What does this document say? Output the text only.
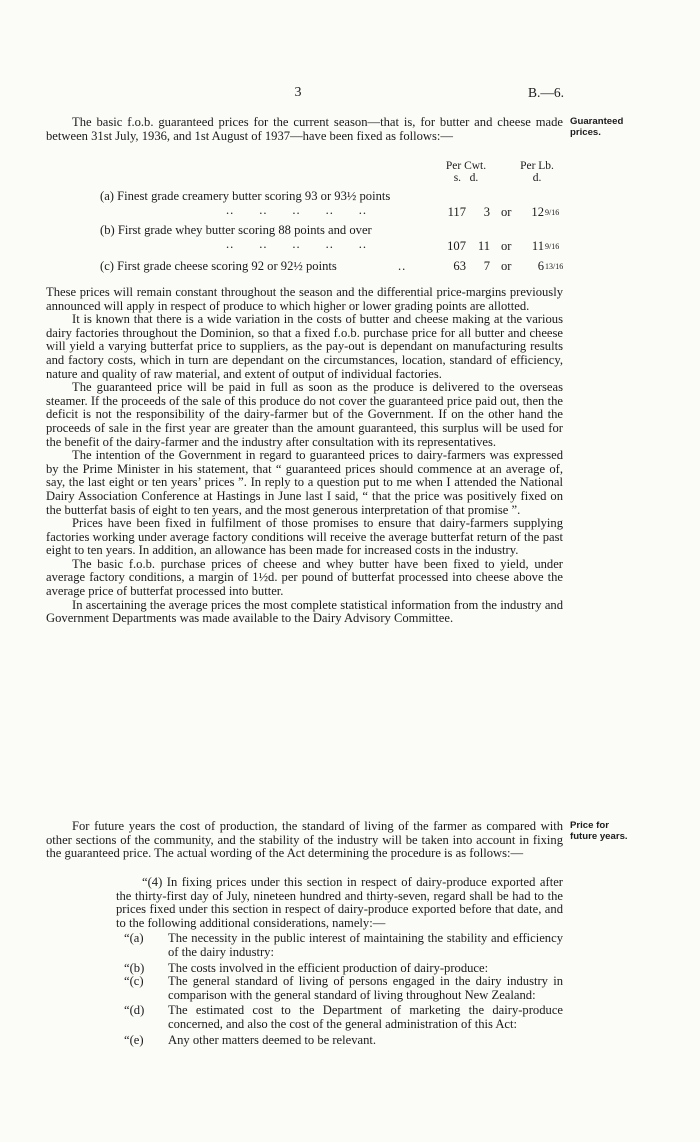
3	B.—6.
Guaranteed
prices.

The basic f.o.b. guaranteed prices for the current season—that is, for butter and cheese made between 31st July, 1936, and 1st August of 1937—have been fixed as follows:—

Per Cwt.
s.   d.
Per Lb.
d.
(a) Finest grade creamery butter scoring 93 or 93½ points
..      ..      ..      ..      ..	117	3 or	12 $^{9/16}$
(b) First grade whey butter scoring 88 points and over
..      ..      ..      ..      ..	107 11 or	11 $^{9/16}$
(c) First grade cheese scoring 92 or 92½ points	..	63	7 or	6 $^{13/16}$

These prices will remain constant throughout the season and the differential price-margins previously announced will apply in respect of produce to which higher or lower grading points are allotted.

It is known that there is a wide variation in the costs of butter and cheese making at the various dairy factories throughout the Dominion, so that a fixed f.o.b. purchase price for all butter and cheese will yield a varying butterfat price to suppliers, as the pay-out is dependant on manufacturing results and factory costs, which in turn are dependant on the circumstances, location, standard of efficiency, nature and quality of raw material, and extent of output of individual factories.

The guaranteed price will be paid in full as soon as the produce is delivered to the overseas steamer. If the proceeds of the sale of this produce do not cover the guaranteed price paid out, then the deficit is not the responsibility of the dairy-farmer but of the Government. If on the other hand the proceeds of sale in the first year are greater than the amount guaranteed, this surplus will be used for the benefit of the dairy-farmer and the industry after consultation with its representatives.

The intention of the Government in regard to guaranteed prices to dairy-farmers was expressed by the Prime Minister in his statement, that “ guaranteed prices should commence at an average of, say, the last eight or ten years’ prices ”. In reply to a question put to me when I attended the National Dairy Association Conference at Hastings in June last I said, “ that the price was positively fixed on the butterfat basis of eight to ten years, and the most generous interpretation of that promise ”.

Prices have been fixed in fulfilment of those promises to ensure that dairy-farmers supplying factories working under average factory conditions will receive the average butterfat return of the past eight to ten years. In addition, an allowance has been made for increased costs in the industry.

The basic f.o.b. purchase prices of cheese and whey butter have been fixed to yield, under average factory conditions, a margin of 1½d. per pound of butterfat processed into cheese above the average price of butterfat processed into butter.

In ascertaining the average prices the most complete statistical information from the industry and Government Departments was made available to the Dairy Advisory Committee.

Price for
future years.

For future years the cost of production, the standard of living of the farmer as compared with other sections of the community, and the stability of the industry will be taken into account in fixing the guaranteed price. The actual wording of the Act determining the procedure is as follows:—

“(4) In fixing prices under this section in respect of dairy-produce exported after the thirty-first day of July, nineteen hundred and thirty-seven, regard shall be had to the prices fixed under this section in respect of dairy-produce exported before that date, and to the following additional considerations, namely:—

“(a) The necessity in the public interest of maintaining the stability and efficiency of the dairy industry:
“(b) The costs involved in the efficient production of dairy-produce:
“(c) The general standard of living of persons engaged in the dairy industry in comparison with the general standard of living throughout New Zealand:
“(d) The estimated cost to the Department of marketing the dairy-produce concerned, and also the cost of the general administration of this Act:
“(e) Any other matters deemed to be relevant.
